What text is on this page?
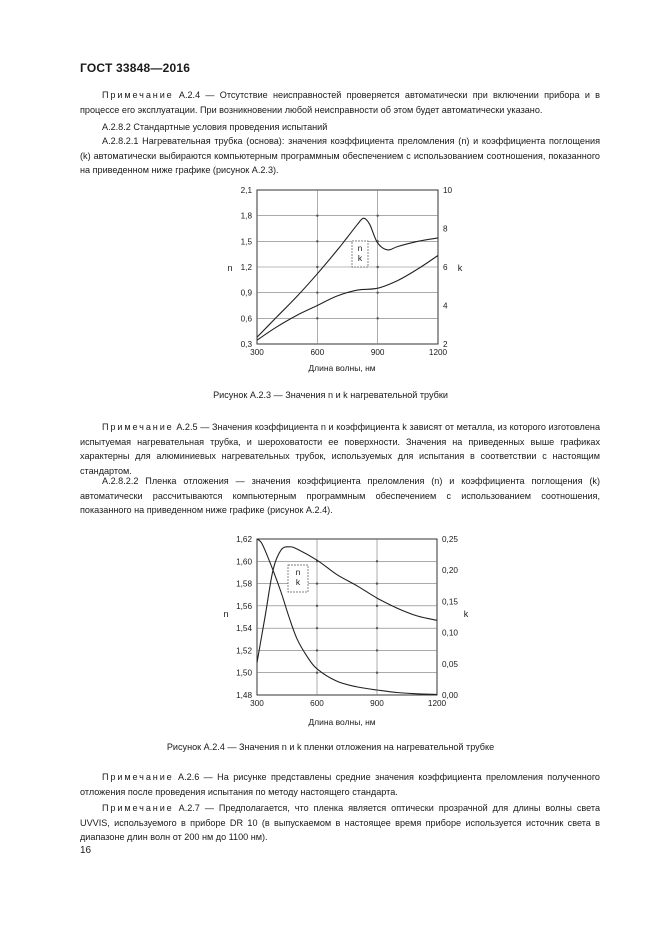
ГОСТ 33848—2016

Примечание А.2.4 — Отсутствие неисправностей проверяется автоматически при включении прибора и в процессе его эксплуатации. При возникновении любой неисправности об этом будет автоматически указано.

А.2.8.2 Стандартные условия проведения испытаний

А.2.8.2.1 Нагревательная трубка (основа): значения коэффициента преломления (n) и коэффициента поглощения (k) автоматически выбираются компьютерным программным обеспечением с использованием соотношения, показанного на приведенном ниже графике (рисунок А.2.3).

300	600	900	1200
0,3
0,6
0,9
1,2
1,5
1,8
2,1
2
4
6
8
10
n
k
Длина волны, нм
n	k
Рисунок А.2.3 — Значения n и k нагревательной трубки

Примечание А.2.5 — Значения коэффициента n и коэффициента k зависят от металла, из которого изготовлена испытуемая нагревательная трубка, и шероховатости ее поверхности. Значения на приведенных выше графиках характерны для алюминиевых нагревательных трубок, используемых для испытания в соответствии с настоящим стандартом.

А.2.8.2.2 Пленка отложения — значения коэффициента преломления (n) и коэффициента поглощения (k) автоматически рассчитываются компьютерным программным обеспечением с использованием соотношения, показанного на приведенном ниже графике (рисунок А.2.4).

300	600	900	1200
1,48
1,50
1,52
1,54
1,56
1,58
1,60
1,62
0,00
0,05
0,10
0,15
0,20
0,25
n
k
Длина волны, нм
n	k
Рисунок А.2.4 — Значения n и k пленки отложения на нагревательной трубке

Примечание А.2.6 — На рисунке представлены средние значения коэффициента преломления полученного отложения после проведения испытания по методу настоящего стандарта.

Примечание А.2.7 — Предполагается, что пленка является оптически прозрачной для длины волны света UVVIS, используемого в приборе DR 10 (в выпускаемом в настоящее время приборе используется источник света в диапазоне длин волн от 200 нм до 1100 нм).

16
